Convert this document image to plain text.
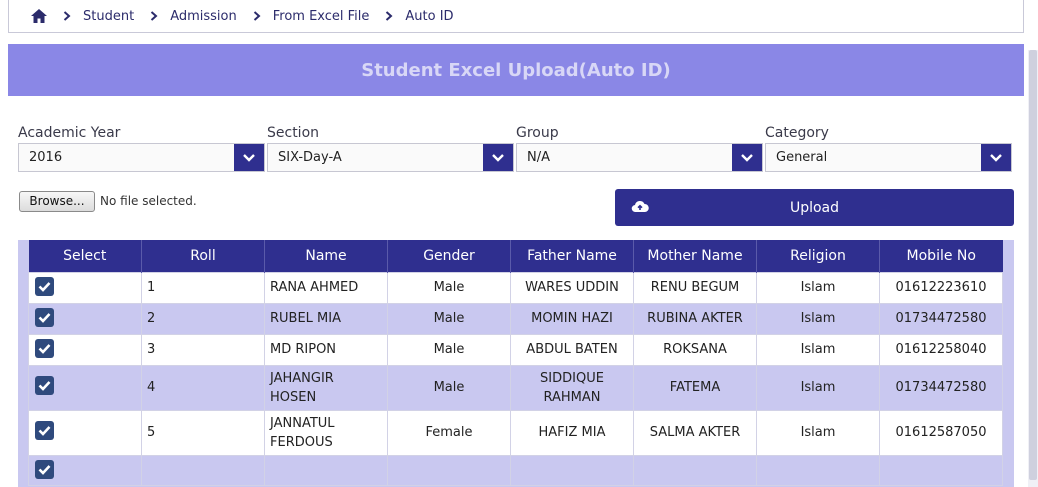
Student	Admission	From Excel File	Auto ID
Student Excel Upload(Auto ID)
Academic Year
2016
Section
SIX-Day-A
Group
N/A
Category
General
Browse...	No file selected.	Upload
Select	Roll	Name	Gender	Father Name	Mother Name	Religion	Mobile No
	1	RANA AHMED	Male	WARES UDDIN	RENU BEGUM	Islam	01612223610
	2	RUBEL MIA	Male	MOMIN HAZI	RUBINA AKTER	Islam	01734472580
	3	MD RIPON	Male	ABDUL BATEN	ROKSANA	Islam	01612258040
	4	JAHANGIR HOSEN	Male	SIDDIQUE RAHMAN	FATEMA	Islam	01734472580
	5	JANNATUL FERDOUS	Female	HAFIZ MIA	SALMA AKTER	Islam	01612587050
